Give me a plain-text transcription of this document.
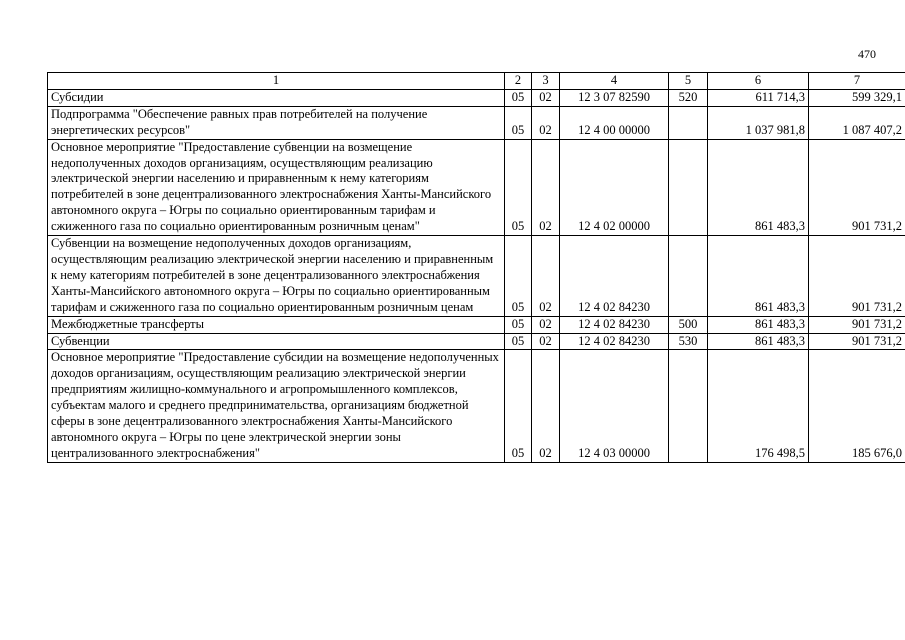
470
1	2	3	4	5	6	7
Субсидии	05	02	12 3 07 82590	520	611 714,3	599 329,1
Подпрограмма "Обеспечение равных прав потребителей на получение энергетических ресурсов"	05	02	12 4 00 00000		1 037 981,8	1 087 407,2
Основное мероприятие "Предоставление субвенции на возмещение недополученных доходов организациям, осуществляющим реализацию электрической энергии населению и приравненным к нему категориям потребителей в зоне децентрализованного электроснабжения Ханты-Мансийского автономного округа – Югры по социально ориентированным тарифам и сжиженного газа по социально ориентированным розничным ценам"	05	02	12 4 02 00000		861 483,3	901 731,2
Субвенции на возмещение недополученных доходов организациям, осуществляющим реализацию электрической энергии населению и приравненным к нему категориям потребителей в зоне децентрализованного электроснабжения Ханты-Мансийского автономного округа – Югры по социально ориентированным тарифам и сжиженного газа по социально ориентированным розничным ценам	05	02	12 4 02 84230		861 483,3	901 731,2
Межбюджетные трансферты	05	02	12 4 02 84230	500	861 483,3	901 731,2
Субвенции	05	02	12 4 02 84230	530	861 483,3	901 731,2
Основное мероприятие "Предоставление субсидии на возмещение недополученных доходов организациям, осуществляющим реализацию электрической энергии предприятиям жилищно-коммунального и агропромышленного комплексов, субъектам малого и среднего предпринимательства, организациям бюджетной сферы в зоне децентрализованного электроснабжения Ханты-Мансийского автономного округа – Югры по цене электрической энергии зоны централизованного электроснабжения"	05	02	12 4 03 00000		176 498,5	185 676,0
